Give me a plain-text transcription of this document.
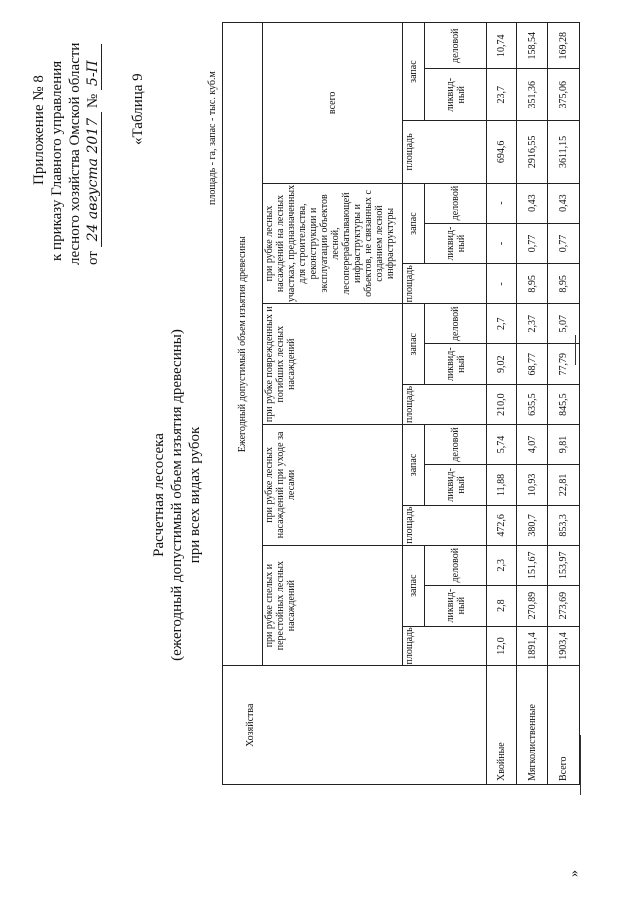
Приложение № 8 к приказу Главного управления лесного хозяйства Омской области от 24 августа 2017 № 5-П
«Таблица 9
Расчетная лесосека (ежегодный допустимый объем изъятия древесины) при всех видах рубок
площадь - га, запас - тыс. куб.м
Хозяйства	Ежегодный допустимый объем изъятия древесины														
	при рубке спелых и перестойных лесных насаждений			при рубке лесных насаждений при уходе за лесами			при рубке поврежденных и погибших лесных насаждений			при рубке лесных насаждений на лесных участках, предназначенных для строительства, реконструкции и эксплуатации объектов лесной, лесоперерабатывающей инфраструктуры и объектов, не связанных с созданием лесной инфраструктуры			всего		
	площадь	запас		площадь	запас		площадь	запас		площадь	запас		площадь	запас	
		ликвид-ный	деловой		ликвид-ный	деловой		ликвид-ный	деловой		ликвид-ный	деловой		ликвид-ный	деловой
Хвойные	12,0	2,8	2,3	472,6	11,88	5,74	210,0	9,02	2,7	-	-	-	694,6	23,7	10,74
Мягколиственные	1891,4	270,89	151,67	380,7	10,93	4,07	635,5	68,77	2,37	8,95	0,77	0,43	2916,55	351,36	158,54
Всего	1903,4	273,69	153,97	853,3	22,81	9,81	845,5	77,79	5,07	8,95	0,77	0,43	3611,15	375,06	169,28
»
